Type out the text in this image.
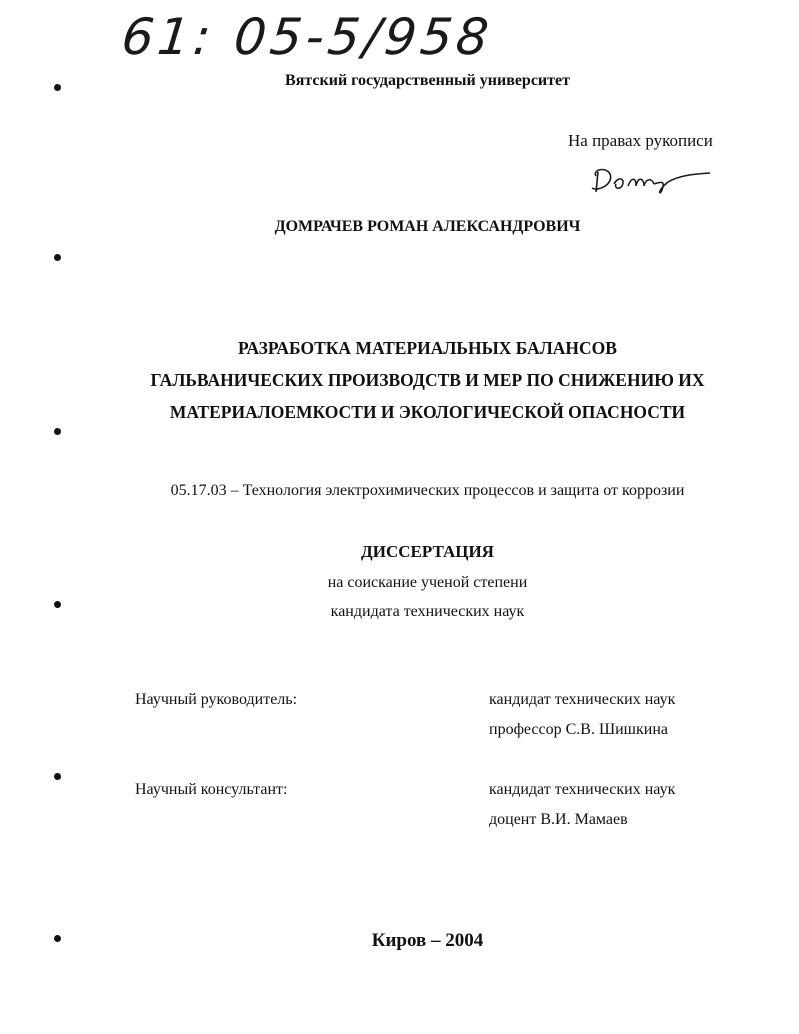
61: 05-5/958
Вятский государственный университет
На правах рукописи
ДОМРАЧЕВ РОМАН АЛЕКСАНДРОВИЧ
РАЗРАБОТКА МАТЕРИАЛЬНЫХ БАЛАНСОВ
ГАЛЬВАНИЧЕСКИХ ПРОИЗВОДСТВ И МЕР ПО СНИЖЕНИЮ ИХ
МАТЕРИАЛОЕМКОСТИ И ЭКОЛОГИЧЕСКОЙ ОПАСНОСТИ
05.17.03 – Технология электрохимических процессов и защита от коррозии
ДИССЕРТАЦИЯ
на соискание ученой степени
кандидата технических наук
Научный руководитель:	кандидат технических наук
профессор С.В. Шишкина
Научный консультант:	кандидат технических наук
доцент В.И. Мамаев
Киров – 2004
